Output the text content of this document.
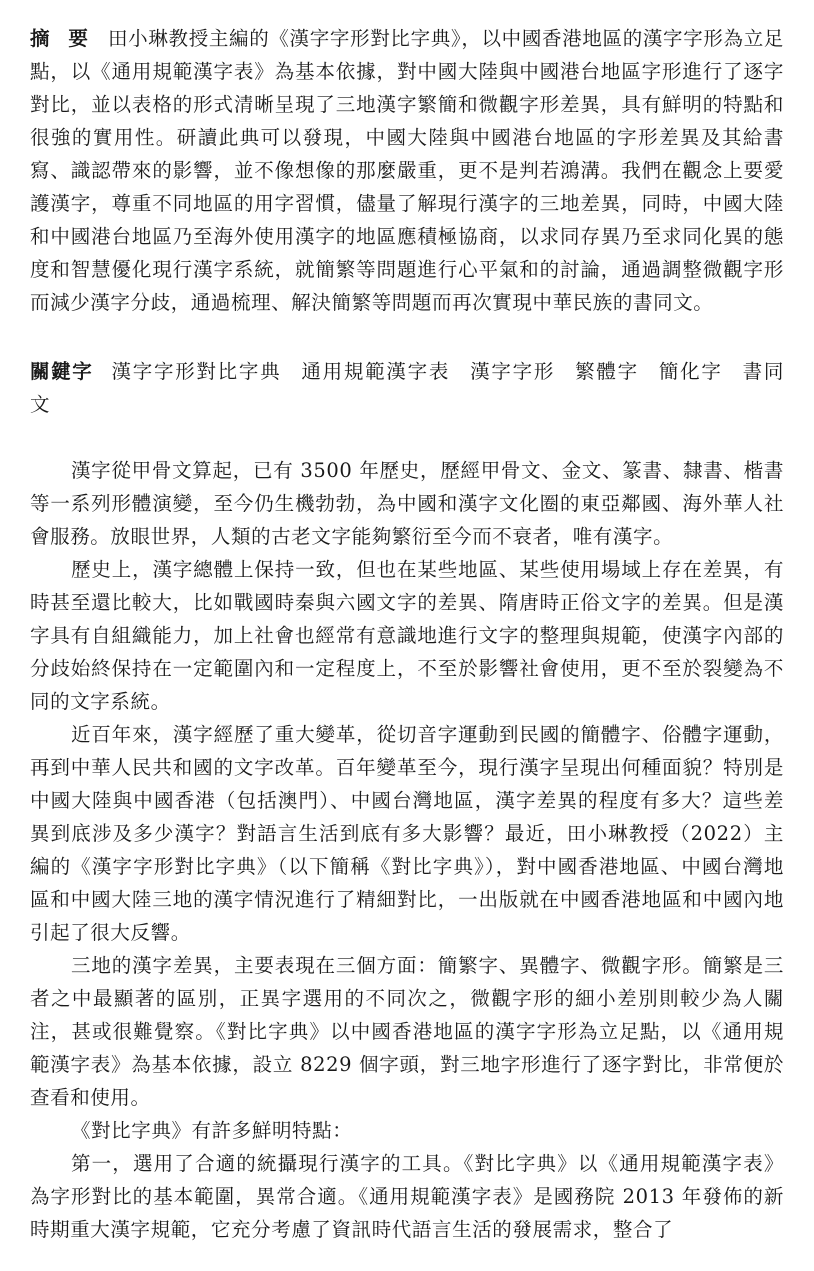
摘 要 田小琳教授主編的《漢字字形對比字典》，以中國香港地區的漢字字形為立足點，以《通用規範漢字表》為基本依據，對中國大陸與中國港台地區字形進行了逐字對比，並以表格的形式清晰呈現了三地漢字繁簡和微觀字形差異，具有鮮明的特點和很強的實用性。研讀此典可以發現，中國大陸與中國港台地區的字形差異及其給書寫、識認帶來的影響，並不像想像的那麼嚴重，更不是判若鴻溝。我們在觀念上要愛護漢字，尊重不同地區的用字習慣，儘量了解現行漢字的三地差異，同時，中國大陸和中國港台地區乃至海外使用漢字的地區應積極協商，以求同存異乃至求同化異的態度和智慧優化現行漢字系統，就簡繁等問題進行心平氣和的討論，通過調整微觀字形而減少漢字分歧，通過梳理、解決簡繁等問題而再次實現中華民族的書同文。

關鍵字 漢字字形對比字典 通用規範漢字表 漢字字形 繁體字 簡化字 書同文

漢字從甲骨文算起，已有 3500 年歷史，歷經甲骨文、金文、篆書、隸書、楷書等一系列形體演變，至今仍生機勃勃，為中國和漢字文化圈的東亞鄰國、海外華人社會服務。放眼世界，人類的古老文字能夠繁衍至今而不衰者，唯有漢字。

歷史上，漢字總體上保持一致，但也在某些地區、某些使用場域上存在差異，有時甚至還比較大，比如戰國時秦與六國文字的差異、隋唐時正俗文字的差異。但是漢字具有自組織能力，加上社會也經常有意識地進行文字的整理與規範，使漢字內部的分歧始終保持在一定範圍內和一定程度上，不至於影響社會使用，更不至於裂變為不同的文字系統。

近百年來，漢字經歷了重大變革，從切音字運動到民國的簡體字、俗體字運動，再到中華人民共和國的文字改革。百年變革至今，現行漢字呈現出何種面貌？特別是中國大陸與中國香港（包括澳門）、中國台灣地區，漢字差異的程度有多大？這些差異到底涉及多少漢字？對語言生活到底有多大影響？最近，田小琳教授（2022）主編的《漢字字形對比字典》（以下簡稱《對比字典》），對中國香港地區、中國台灣地區和中國大陸三地的漢字情況進行了精細對比，一出版就在中國香港地區和中國內地引起了很大反響。

三地的漢字差異，主要表現在三個方面：簡繁字、異體字、微觀字形。簡繁是三者之中最顯著的區別，正異字選用的不同次之，微觀字形的細小差別則較少為人關注，甚或很難覺察。《對比字典》以中國香港地區的漢字字形為立足點，以《通用規範漢字表》為基本依據，設立 8229 個字頭，對三地字形進行了逐字對比，非常便於查看和使用。

《對比字典》有許多鮮明特點：

第一，選用了合適的統攝現行漢字的工具。《對比字典》以《通用規範漢字表》為字形對比的基本範圍，異常合適。《通用規範漢字表》是國務院 2013 年發佈的新時期重大漢字規範，它充分考慮了資訊時代語言生活的發展需求，整合了
